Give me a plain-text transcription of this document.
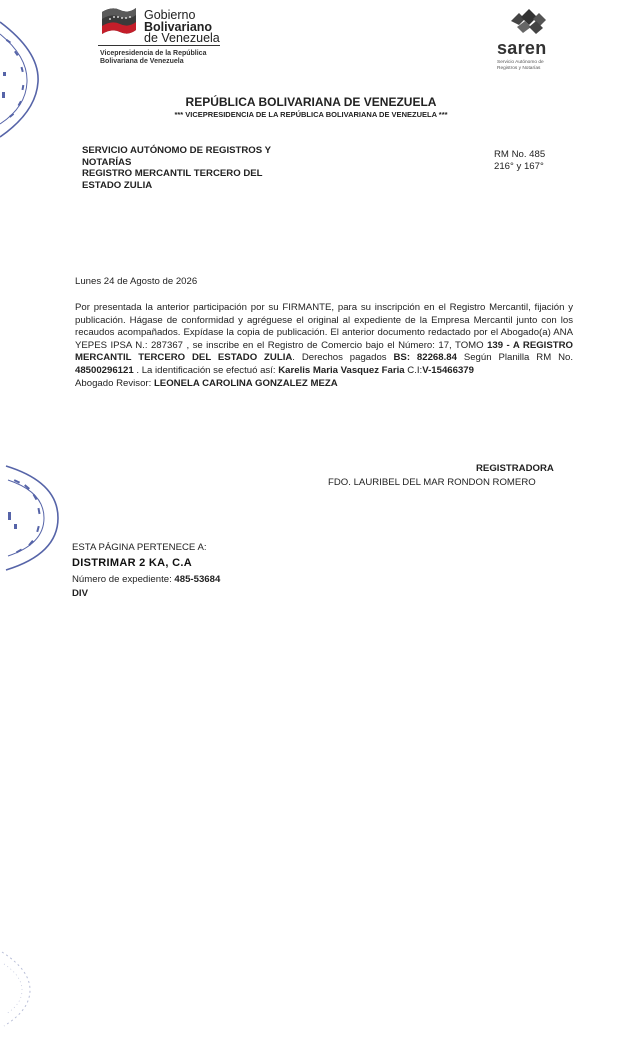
Gobierno
Bolivariano
de Venezuela
Vicepresidencia de la República
Bolivariana de Venezuela
saren
Servicio Autónomo de Registros y Notarías
REPÚBLICA BOLIVARIANA DE VENEZUELA
*** VICEPRESIDENCIA DE LA REPÚBLICA BOLIVARIANA DE VENEZUELA ***
SERVICIO AUTÓNOMO DE REGISTROS Y
NOTARÍAS
REGISTRO MERCANTIL TERCERO DEL
ESTADO ZULIA
RM No. 485
216° y 167°
Lunes 24 de Agosto de 2026
Por presentada la anterior participación por su FIRMANTE, para su inscripción en el Registro Mercantil, fijación y publicación. Hágase de conformidad y agréguese el original al expediente de la Empresa Mercantil junto con los recaudos acompañados. Expídase la copia de publicación. El anterior documento redactado por el Abogado(a) ANA YEPES IPSA N.: 287367 , se inscribe en el Registro de Comercio bajo el Número: 17, TOMO 139 - A REGISTRO MERCANTIL TERCERO DEL ESTADO ZULIA. Derechos pagados BS: 82268.84 Según Planilla RM No. 48500296121 . La identificación se efectuó así: Karelis Maria Vasquez Faria C.I:V-15466379
Abogado Revisor: LEONELA CAROLINA GONZALEZ MEZA
REGISTRADORA
FDO. LAURIBEL DEL MAR RONDON ROMERO
ESTA PÁGINA PERTENECE A:
DISTRIMAR 2 KA, C.A
Número de expediente: 485-53684
DIV
